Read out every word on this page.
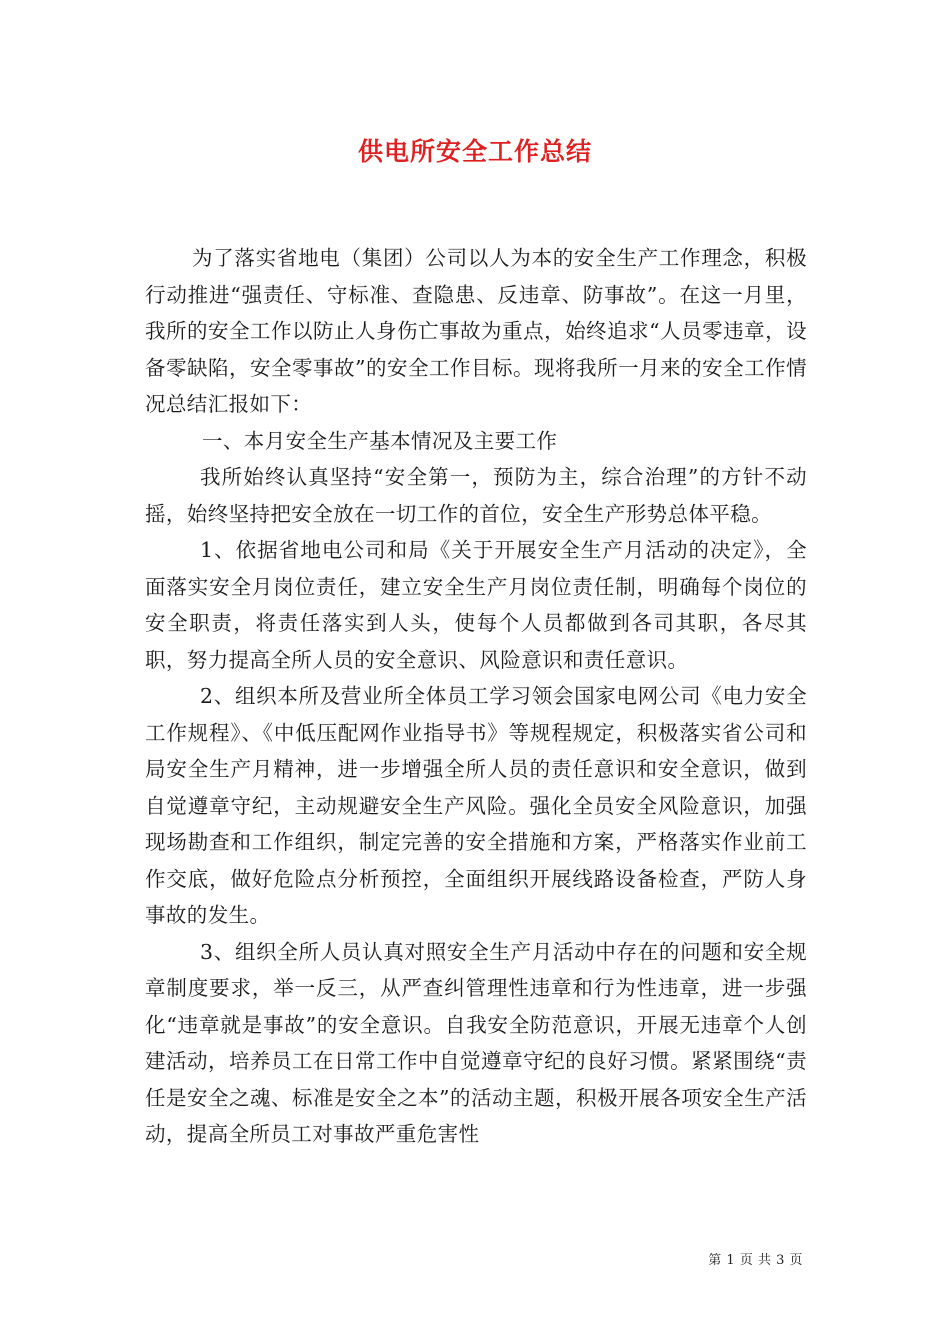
供电所安全工作总结

为了落实省地电（集团）公司以人为本的安全生产工作理念，积极行动推进“强责任、守标准、查隐患、反违章、防事故”。在这一月里，我所的安全工作以防止人身伤亡事故为重点，始终追求“人员零违章，设备零缺陷，安全零事故”的安全工作目标。现将我所一月来的安全工作情况总结汇报如下：

一、本月安全生产基本情况及主要工作

我所始终认真坚持“安全第一，预防为主，综合治理”的方针不动摇，始终坚持把安全放在一切工作的首位，安全生产形势总体平稳。

1、依据省地电公司和局《关于开展安全生产月活动的决定》，全面落实安全月岗位责任，建立安全生产月岗位责任制，明确每个岗位的安全职责，将责任落实到人头，使每个人员都做到各司其职，各尽其职，努力提高全所人员的安全意识、风险意识和责任意识。

2、组织本所及营业所全体员工学习领会国家电网公司《电力安全工作规程》、《中低压配网作业指导书》等规程规定，积极落实省公司和局安全生产月精神，进一步增强全所人员的责任意识和安全意识，做到自觉遵章守纪，主动规避安全生产风险。强化全员安全风险意识，加强现场勘查和工作组织，制定完善的安全措施和方案，严格落实作业前工作交底，做好危险点分析预控，全面组织开展线路设备检查，严防人身事故的发生。

3、组织全所人员认真对照安全生产月活动中存在的问题和安全规章制度要求，举一反三，从严查纠管理性违章和行为性违章，进一步强化“违章就是事故”的安全意识。自我安全防范意识，开展无违章个人创建活动，培养员工在日常工作中自觉遵章守纪的良好习惯。紧紧围绕“责任是安全之魂、标准是安全之本”的活动主题，积极开展各项安全生产活动，提高全所员工对事故严重危害性

第 1 页 共 3 页
